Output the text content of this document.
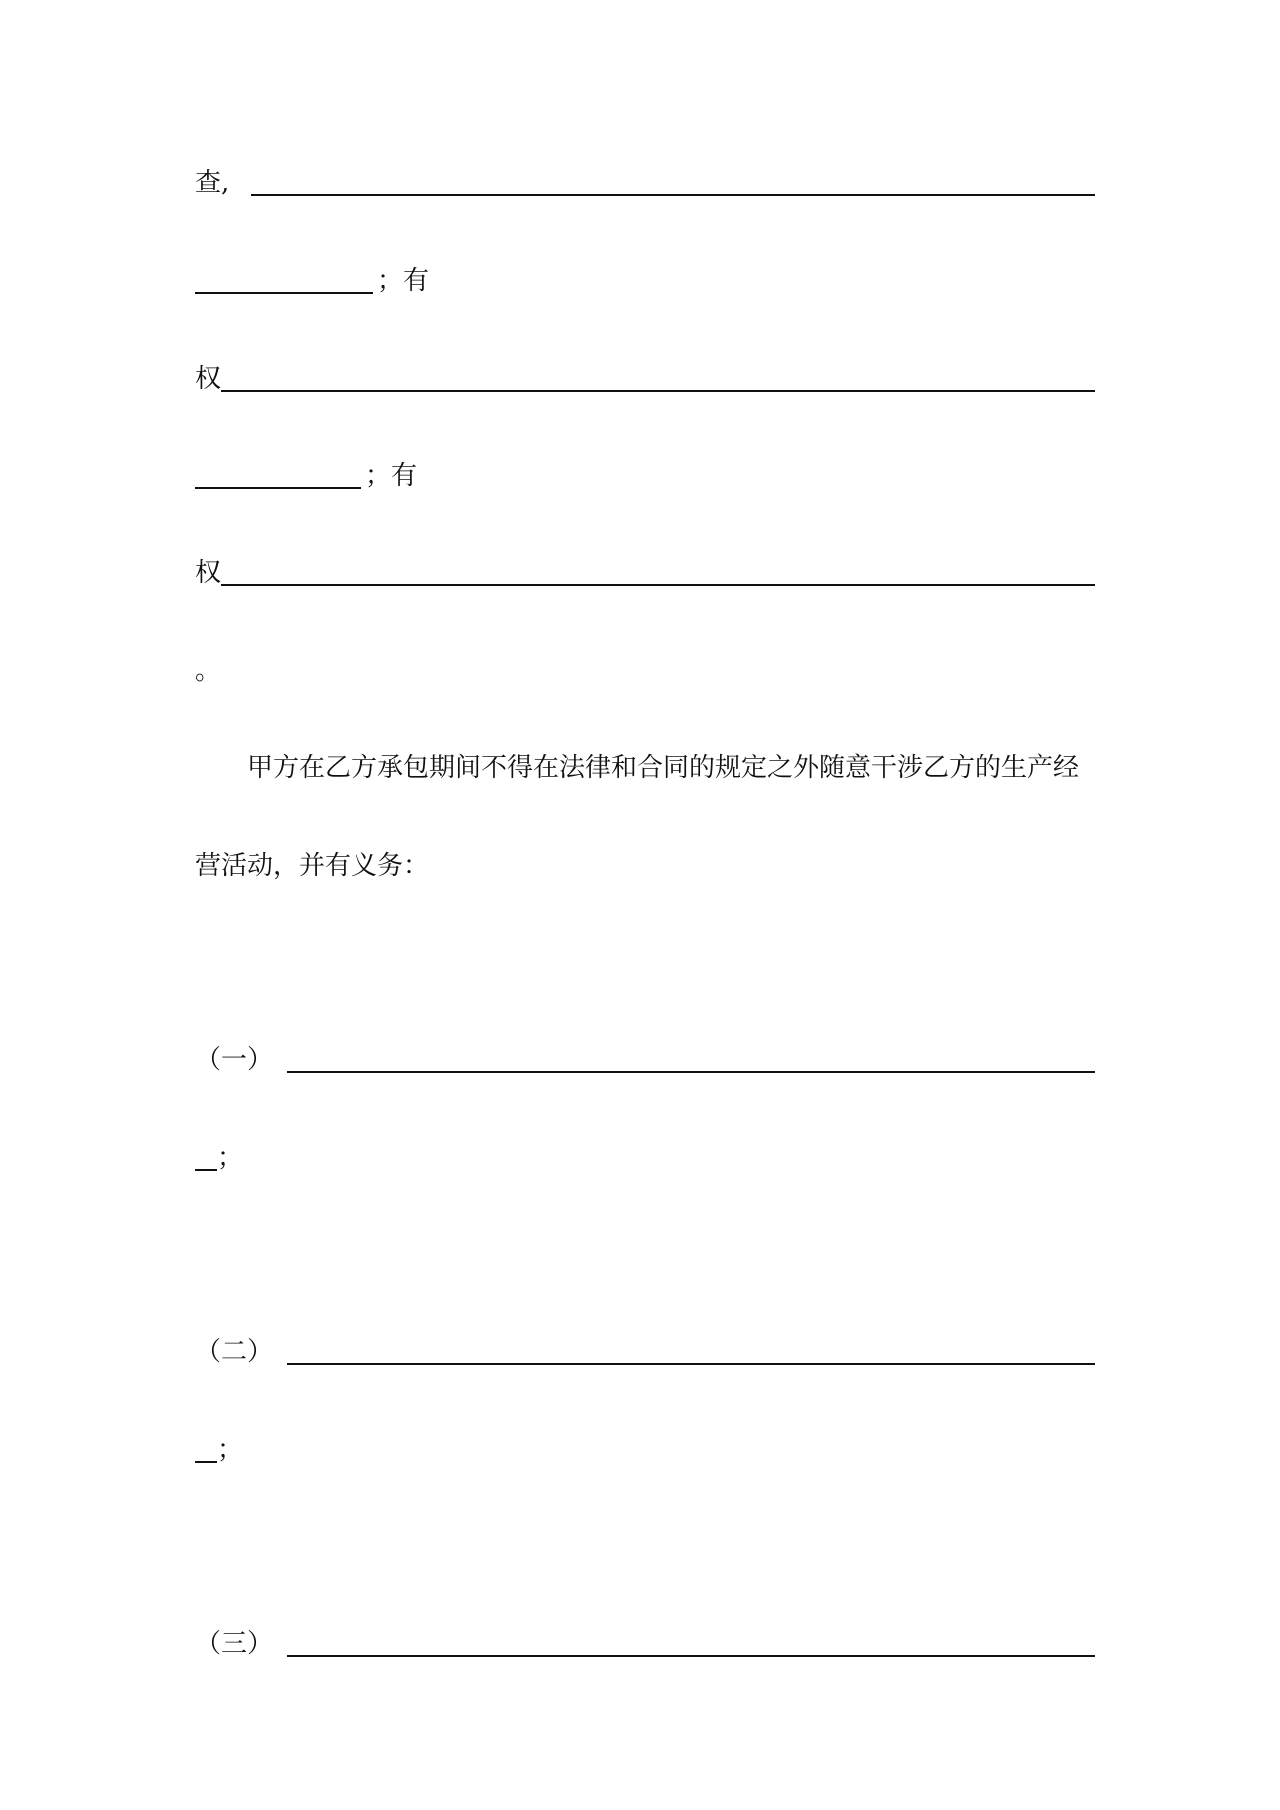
查,
；有
权
；有
权
。
甲方在乙方承包期间不得在法律和合同的规定之外随意干涉乙方的生产经
营活动，并有义务：
（一）
；
（二）
；
（三）
